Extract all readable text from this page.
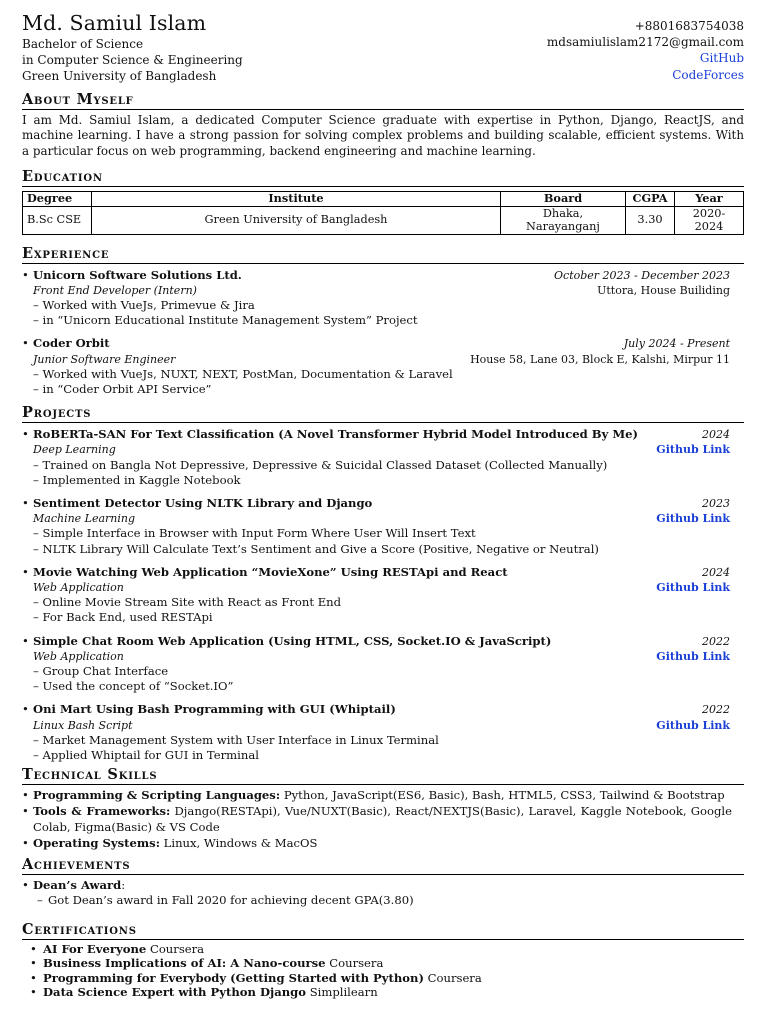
Md. Samiul Islam
Bachelor of Science
in Computer Science & Engineering
Green University of Bangladesh
+8801683754038
mdsamiulislam2172@gmail.com
GitHub
CodeForces
About Myself
I am Md. Samiul Islam, a dedicated Computer Science graduate with expertise in Python, Django, ReactJS, and machine learning. I have a strong passion for solving complex problems and building scalable, efficient systems. With a particular focus on web programming, backend engineering and machine learning.
Education
Degree	Institute	Board	CGPA	Year
B.Sc CSE	Green University of Bangladesh	Dhaka, Narayanganj	3.30	2020-2024
Experience
• Unicorn Software Solutions Ltd.	October 2023 - December 2023
Front End Developer (Intern)	Uttora, House Builiding
– Worked with VueJs, Primevue & Jira
– in “Unicorn Educational Institute Management System” Project
• Coder Orbit	July 2024 - Present
Junior Software Engineer	House 58, Lane 03, Block E, Kalshi, Mirpur 11
– Worked with VueJs, NUXT, NEXT, PostMan, Documentation & Laravel
– in “Coder Orbit API Service”
Projects
• RoBERTa-SAN For Text Classification (A Novel Transformer Hybrid Model Introduced By Me)	2024
Deep Learning	Github Link
– Trained on Bangla Not Depressive, Depressive & Suicidal Classed Dataset (Collected Manually)
– Implemented in Kaggle Notebook
• Sentiment Detector Using NLTK Library and Django	2023
Machine Learning	Github Link
– Simple Interface in Browser with Input Form Where User Will Insert Text
– NLTK Library Will Calculate Text’s Sentiment and Give a Score (Positive, Negative or Neutral)
• Movie Watching Web Application “MovieXone” Using RESTApi and React	2024
Web Application	Github Link
– Online Movie Stream Site with React as Front End
– For Back End, used RESTApi
• Simple Chat Room Web Application (Using HTML, CSS, Socket.IO & JavaScript)	2022
Web Application	Github Link
– Group Chat Interface
– Used the concept of “Socket.IO”
• Oni Mart Using Bash Programming with GUI (Whiptail)	2022
Linux Bash Script	Github Link
– Market Management System with User Interface in Linux Terminal
– Applied Whiptail for GUI in Terminal
Technical Skills
• Programming & Scripting Languages: Python, JavaScript(ES6, Basic), Bash, HTML5, CSS3, Tailwind & Bootstrap
• Tools & Frameworks: Django(RESTApi), Vue/NUXT(Basic), React/NEXTJS(Basic), Laravel, Kaggle Notebook, Google Colab, Figma(Basic) & VS Code
• Operating Systems: Linux, Windows & MacOS
Achievements
• Dean’s Award:
– Got Dean’s award in Fall 2020 for achieving decent GPA(3.80)
Certifications
• AI For Everyone Coursera
• Business Implications of AI: A Nano-course Coursera
• Programming for Everybody (Getting Started with Python) Coursera
• Data Science Expert with Python Django Simplilearn
